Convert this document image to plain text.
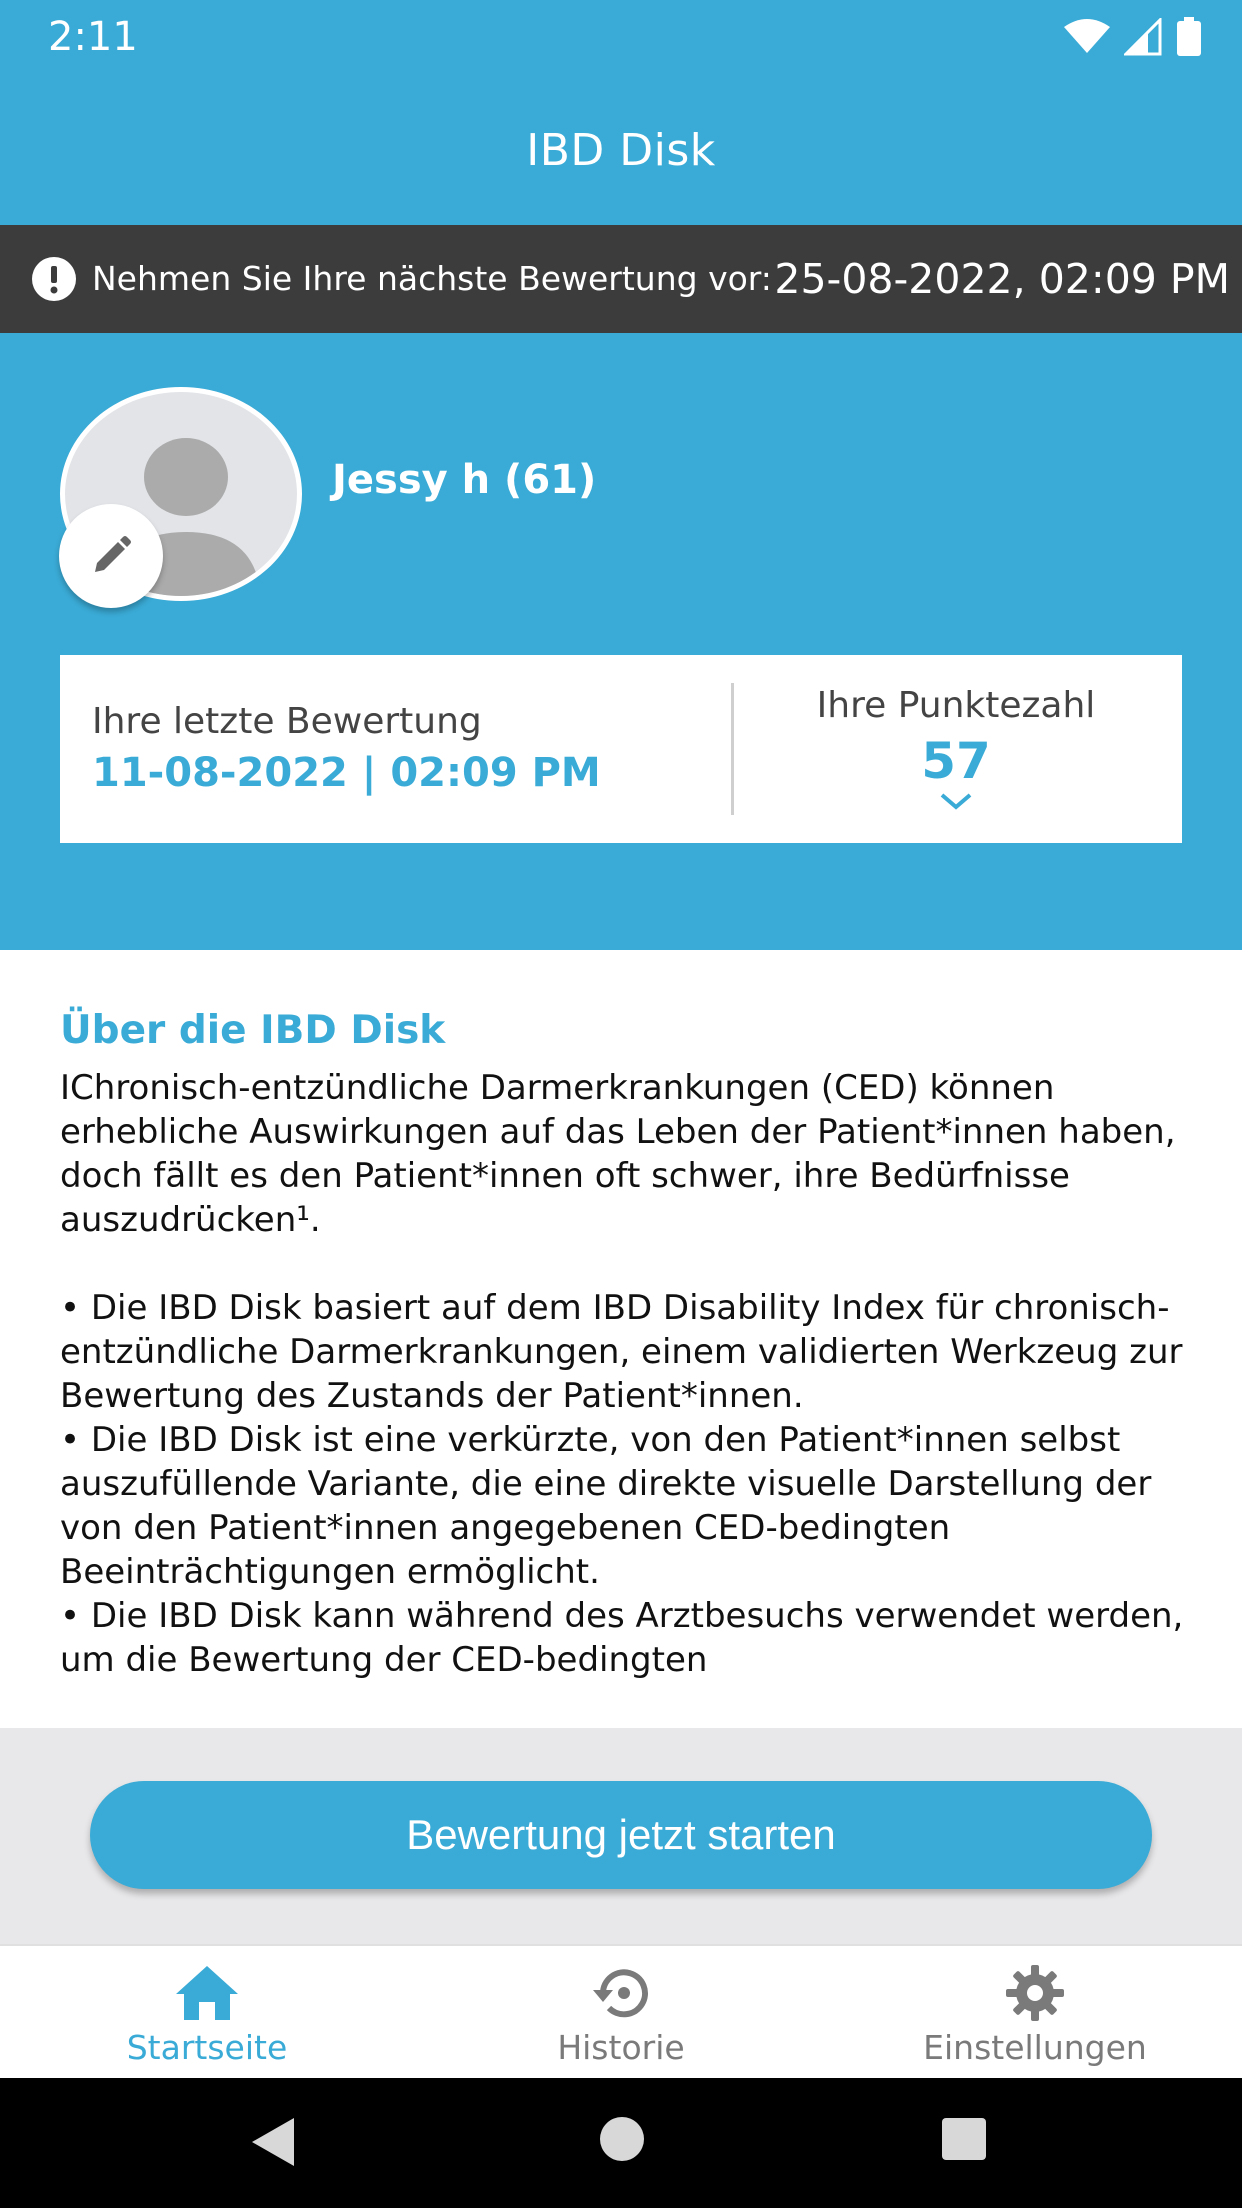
2:11
IBD Disk
Nehmen Sie Ihre nächste Bewertung vor: 25-08-2022, 02:09 PM
Jessy h (61)
Ihre letzte Bewertung
11-08-2022 | 02:09 PM
Ihre Punktezahl
57
Über die IBD Disk
IChronisch-entzündliche Darmerkrankungen (CED) können erhebliche Auswirkungen auf das Leben der Patient*innen haben, doch fällt es den Patient*innen oft schwer, ihre Bedürfnisse auszudrücken¹.

• Die IBD Disk basiert auf dem IBD Disability Index für chronisch-entzündliche Darmerkrankungen, einem validierten Werkzeug zur Bewertung des Zustands der Patient*innen.
• Die IBD Disk ist eine verkürzte, von den Patient*innen selbst auszufüllende Variante, die eine direkte visuelle Darstellung der von den Patient*innen angegebenen CED-bedingten Beeinträchtigungen ermöglicht.
• Die IBD Disk kann während des Arztbesuchs verwendet werden, um die Bewertung der CED-bedingten
Bewertung jetzt starten
Startseite	Historie	Einstellungen
